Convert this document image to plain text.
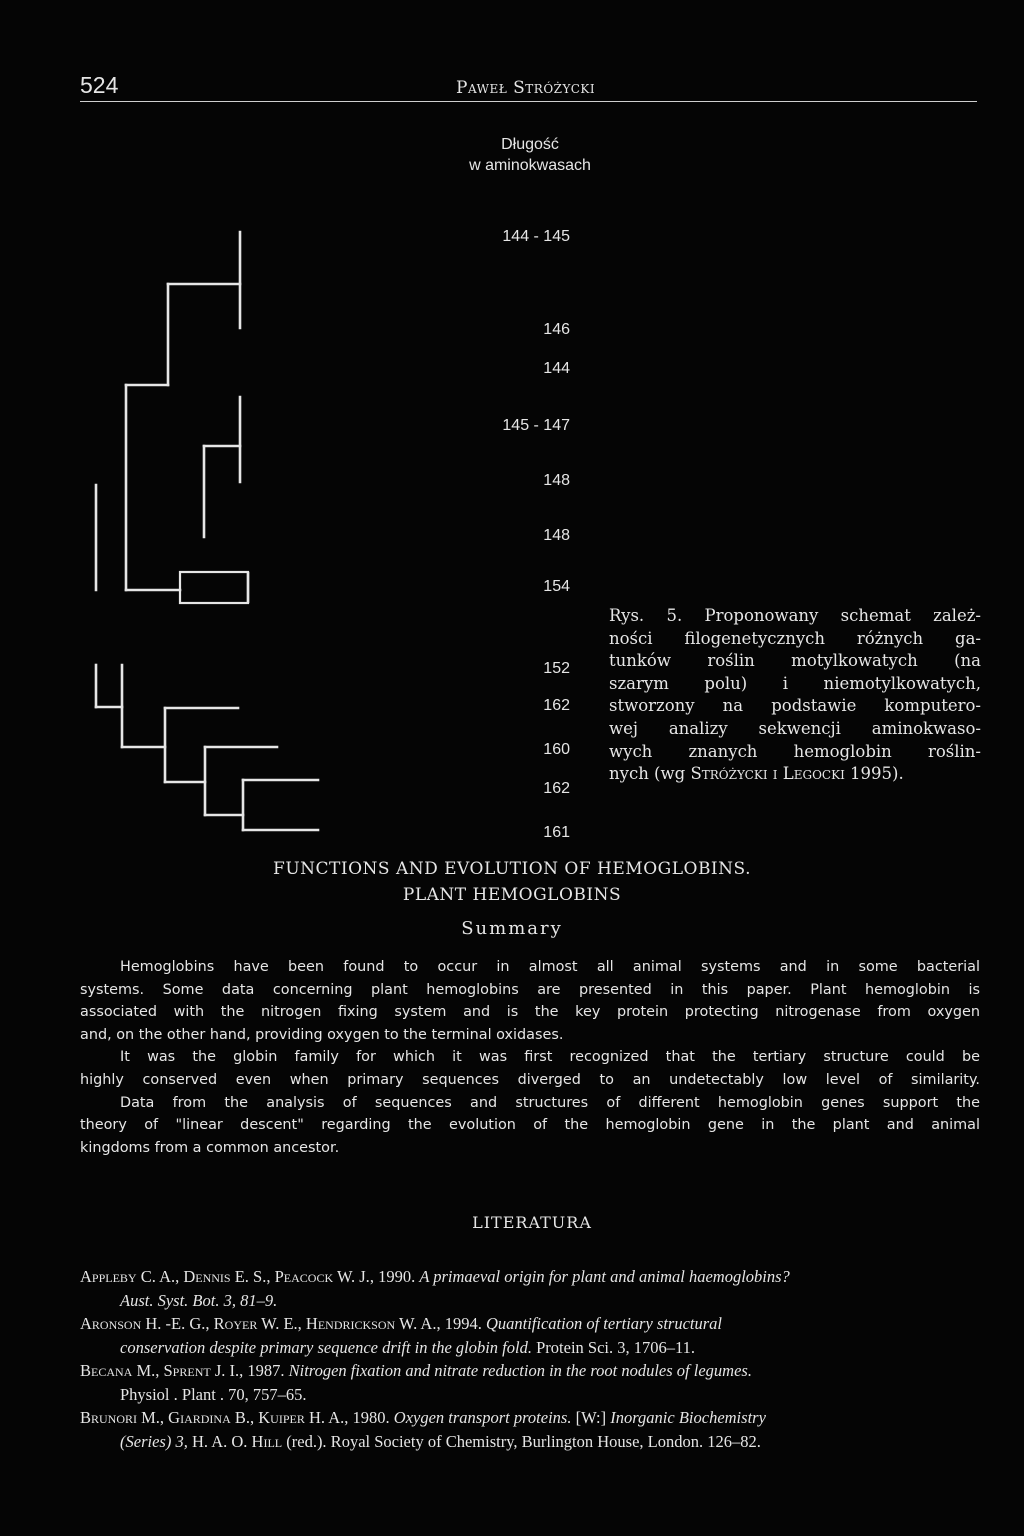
524	Paweł Stróżycki
Długość
w aminokwasach
144 - 145
146
144
145 - 147
148
148
154
152
162
160
162
161
Rys. 5. Proponowany schemat zależ-
ności filogenetycznych różnych ga-
tunków roślin motylkowatych (na
szarym polu) i niemotylkowatych,
stworzony na podstawie komputero-
wej analizy sekwencji aminokwaso-
wych znanych hemoglobin roślin-
nych (wg Stróżycki i Legocki 1995).
FUNCTIONS AND EVOLUTION OF HEMOGLOBINS.
PLANT HEMOGLOBINS
Summary
Hemoglobins have been found to occur in almost all animal systems and in some bacterial
systems. Some data concerning plant hemoglobins are presented in this paper. Plant hemoglobin is
associated with the nitrogen fixing system and is the key protein protecting nitrogenase from oxygen
and, on the other hand, providing oxygen to the terminal oxidases.
It was the globin family for which it was first recognized that the tertiary structure could be
highly conserved even when primary sequences diverged to an undetectably low level of similarity.
Data from the analysis of sequences and structures of different hemoglobin genes support the
theory of "linear descent" regarding the evolution of the hemoglobin gene in the plant and animal
kingdoms from a common ancestor.
LITERATURA
Appleby C. A., Dennis E. S., Peacock W. J., 1990. A primaeval origin for plant and animal haemoglobins?
Aust. Syst. Bot. 3, 81–9.
Aronson H. -E. G., Royer W. E., Hendrickson W. A., 1994. Quantification of tertiary structural
conservation despite primary sequence drift in the globin fold. Protein Sci. 3, 1706–11.
Becana M., Sprent J. I., 1987. Nitrogen fixation and nitrate reduction in the root nodules of legumes.
Physiol . Plant . 70, 757–65.
Brunori M., Giardina B., Kuiper H. A., 1980. Oxygen transport proteins. [W:] Inorganic Biochemistry
(Series) 3, H. A. O. Hill (red.). Royal Society of Chemistry, Burlington House, London. 126–82.
